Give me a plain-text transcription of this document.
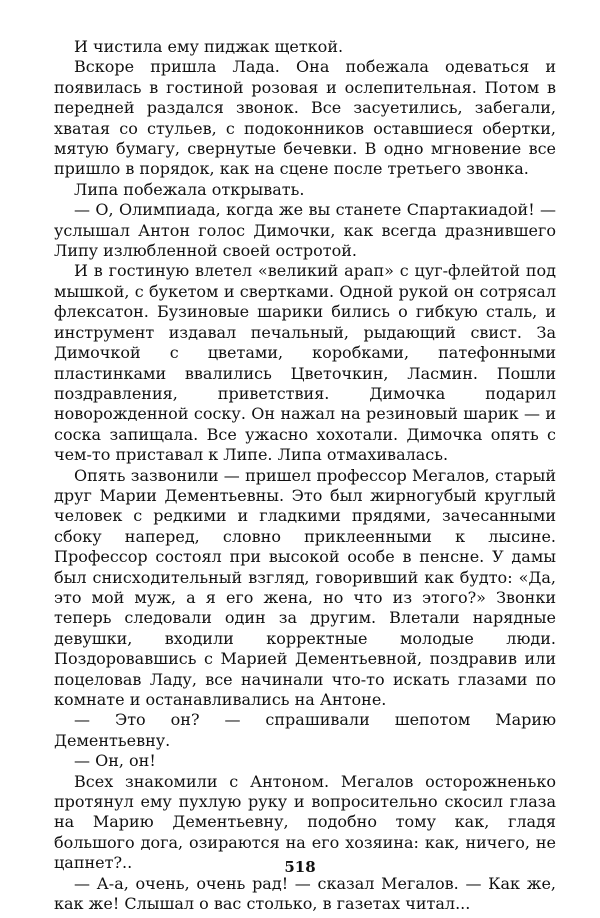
И чистила ему пиджак щеткой.

Вскоре пришла Лада. Она побежала одеваться и появилась в гостиной розовая и ослепительная. Потом в передней раздался звонок. Все засуетились, забегали, хватая со стульев, с подоконников оставшиеся обертки, мятую бумагу, свернутые бечевки. В одно мгновение все пришло в порядок, как на сцене после третьего звонка.

Липа побежала открывать.

— О, Олимпиада, когда же вы станете Спартакиадой! — услышал Антон голос Димочки, как всегда дразнившего Липу излюбленной своей остротой.

И в гостиную влетел «великий арап» с цуг-флейтой под мышкой, с букетом и свертками. Одной рукой он сотрясал флексатон. Бузиновые шарики бились о гибкую сталь, и инструмент издавал печальный, рыдающий свист. За Димочкой с цветами, коробками, патефонными пластинками ввалились Цветочкин, Ласмин. Пошли поздравления, приветствия. Димочка подарил новорожденной соску. Он нажал на резиновый шарик — и соска запищала. Все ужасно хохотали. Димочка опять с чем-то приставал к Липе. Липа отмахивалась.

Опять зазвонили — пришел профессор Мегалов, старый друг Марии Дементьевны. Это был жирногубый круглый человек с редкими и гладкими прядями, зачесанными сбоку наперед, словно приклеенными к лысине. Профессор состоял при высокой особе в пенсне. У дамы был снисходительный взгляд, говоривший как будто: «Да, это мой муж, а я его жена, но что из этого?» Звонки теперь следовали один за другим. Влетали нарядные девушки, входили корректные молодые люди. Поздоровавшись с Марией Дементьевной, поздравив или поцеловав Ладу, все начинали что-то искать глазами по комнате и останавливались на Антоне.

— Это он? — спрашивали шепотом Марию Дементьевну.

— Он, он!

Всех знакомили с Антоном. Мегалов осторожненько протянул ему пухлую руку и вопросительно скосил глаза на Марию Дементьевну, подобно тому как, гладя большого дога, озираются на его хозяина: как, ничего, не цапнет?..

— А-а, очень, очень рад! — сказал Мегалов. — Как же, как же! Слышал о вас столько, в газетах читал...

518
